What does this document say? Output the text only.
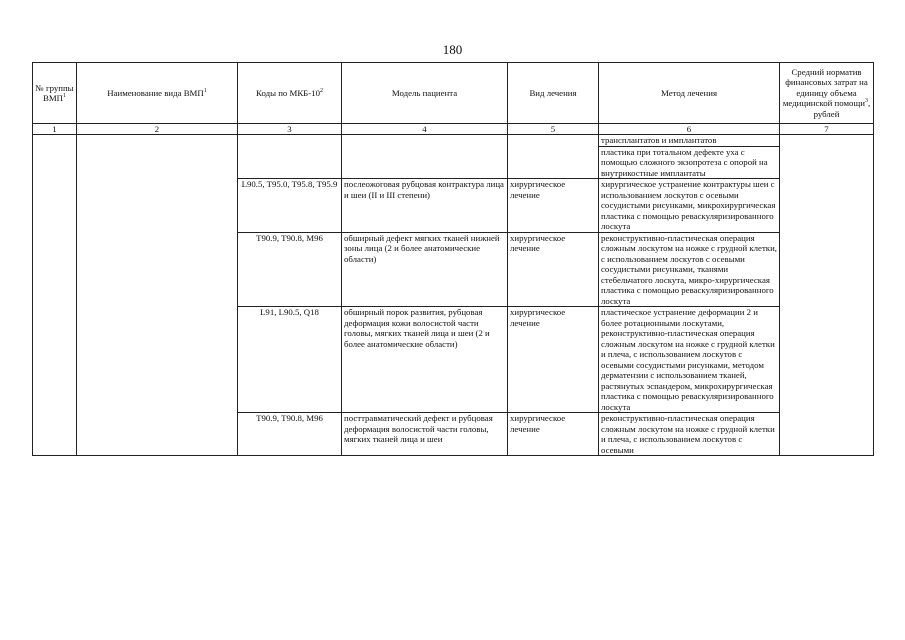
180
№ группы ВМП$^1$	Наименование вида ВМП$^1$	Коды по МКБ-$10^2$	Модель пациента	Вид лечения	Метод лечения	Средний норматив финансовых затрат на единицу объема медицинской помощи$^3$, рублей
1	2	3	4	5	6	7
					трансплантатов и имплантатов	
					пластика при тотальном дефекте уха с помощью сложного экзопротеза с опорой на внутрикостные имплантаты	
		L90.5, T95.0, T95.8, T95.9	послеожоговая рубцовая контрактура лица и шеи (II и III степени)	хирургическое лечение	хирургическое устранение контрактуры шеи с использованием лоскутов с осевыми сосудистыми рисунками, микрохирургическая пластика с помощью реваскуляризированного лоскута	
		T90.9, T90.8, M96	обширный дефект мягких тканей нижней зоны лица (2 и более анатомические области)	хирургическое лечение	реконструктивно-пластическая операция сложным лоскутом на ножке с грудной клетки, с использованием лоскутов с осевыми сосудистыми рисунками, тканями стебельчатого лоскута, микро-хирургическая пластика с помощью реваскуляризированного лоскута	
		L91, L90.5, Q18	обширный порок развития, рубцовая деформация кожи волосистой части головы, мягких тканей лица и шеи (2 и более анатомические области)	хирургическое лечение	пластическое устранение деформации 2 и более ротационными лоскутами, реконструктивно-пластическая операция сложным лоскутом на ножке с грудной клетки и плеча, с использованием лоскутов с осевыми сосудистыми рисунками, методом дерматензии с использованием тканей, растянутых эспандером, микрохирургическая пластика с помощью реваскуляризированного лоскута	
		T90.9, T90.8, M96	посттравматический дефект и рубцовая деформация волосистой части головы, мягких тканей лица и шеи	хирургическое лечение	реконструктивно-пластическая операция сложным лоскутом на ножке с грудной клетки и плеча, с использованием лоскутов с осевыми	
